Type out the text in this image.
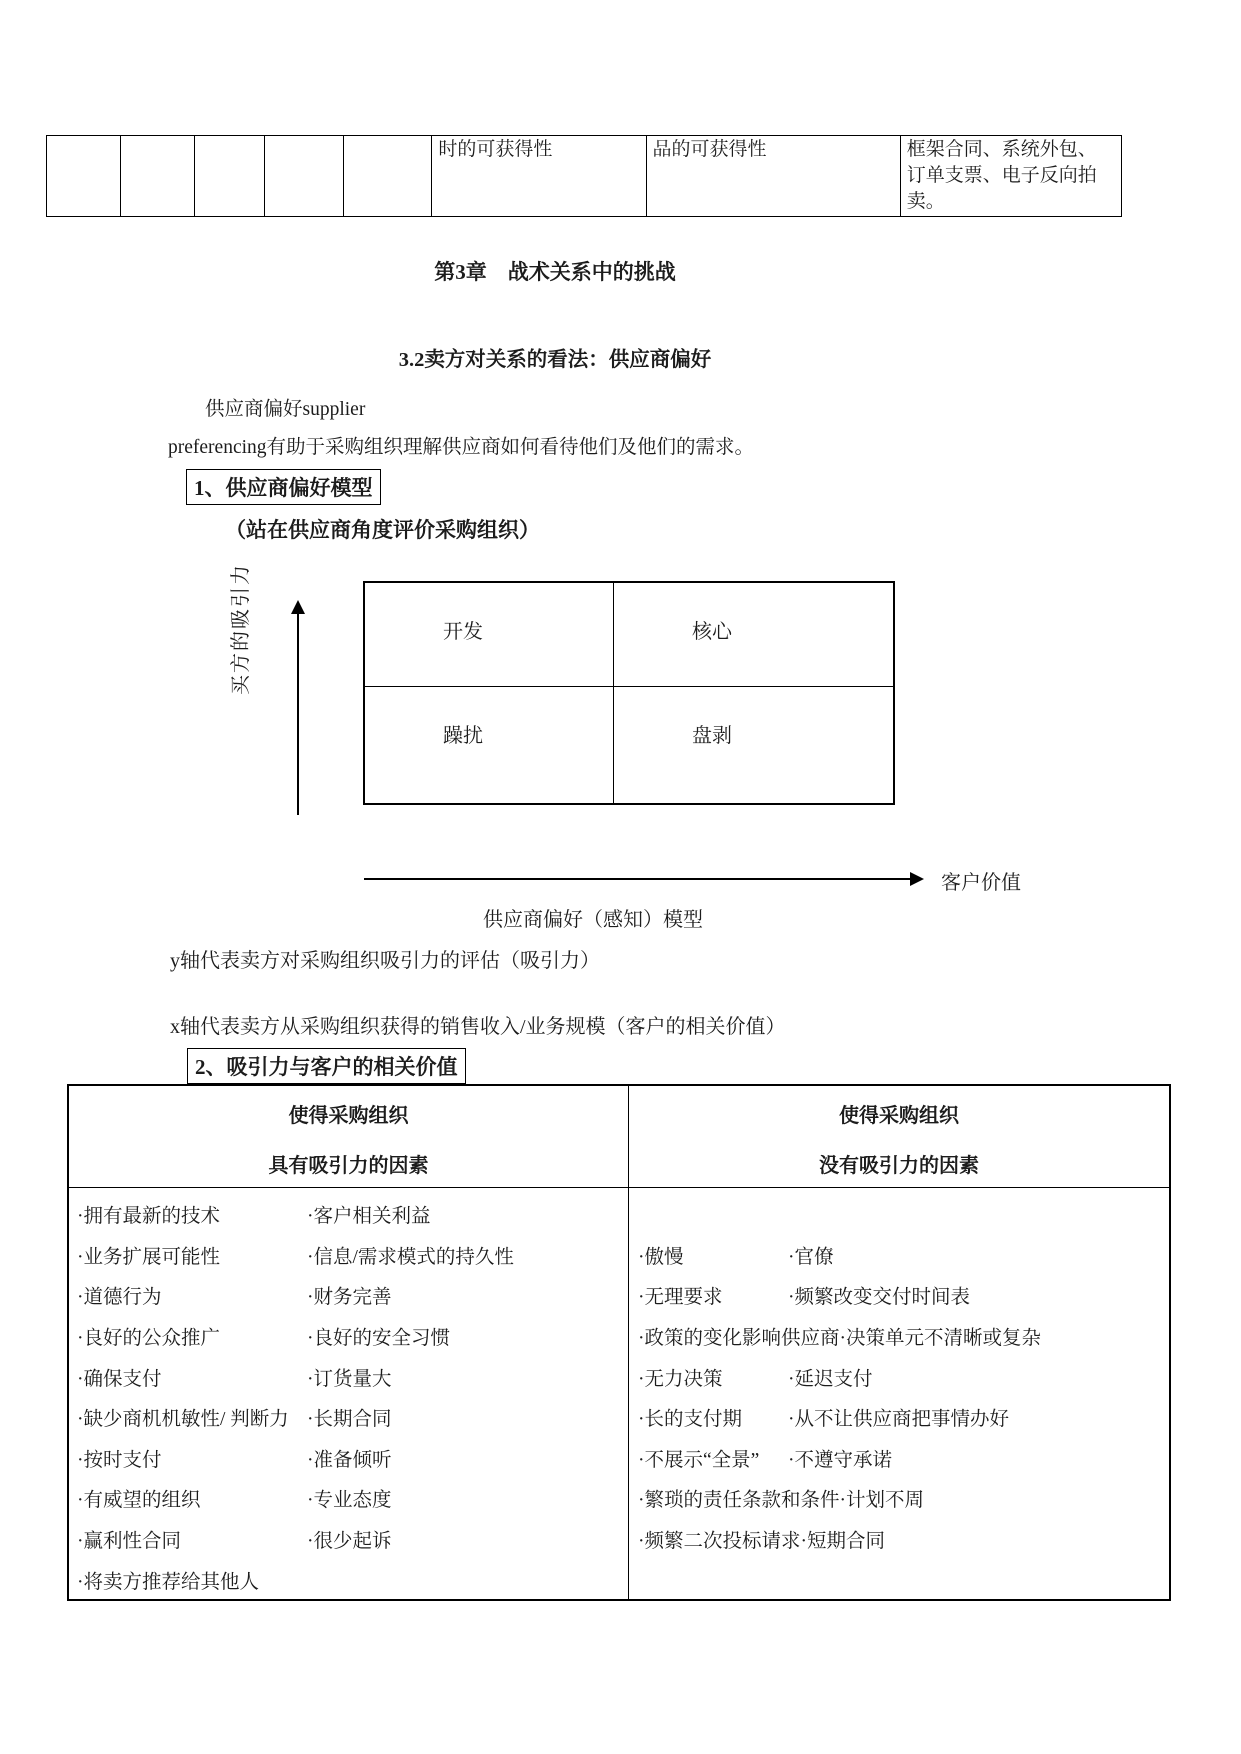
					时的可获得性	品的可获得性	框架合同、系统外包、订单支票、电子反向拍卖。
第3章　战术关系中的挑战
3.2卖方对关系的看法：供应商偏好
供应商偏好supplier
preferencing有助于采购组织理解供应商如何看待他们及他们的需求。
1、供应商偏好模型
（站在供应商角度评价采购组织）
开发	核心
躁扰	盘剥
买方的吸引力
客户价值
供应商偏好（感知）模型
y轴代表卖方对采购组织吸引力的评估（吸引力）
x轴代表卖方从采购组织获得的销售收入/业务规模（客户的相关价值）
2、吸引力与客户的相关价值
使得采购组织
具有吸引力的因素
·拥有最新的技术	·客户相关利益
·业务扩展可能性	·信息/需求模式的持久性
·道德行为	·财务完善
·良好的公众推广	·良好的安全习惯
·确保支付	·订货量大
·缺少商机机敏性/ 判断力 ·长期合同
·按时支付	·准备倾听
·有威望的组织	·专业态度
·赢利性合同	·很少起诉
·将卖方推荐给其他人
使得采购组织
没有吸引力的因素
·傲慢	·官僚
·无理要求	·频繁改变交付时间表
·政策的变化影响供应商 ·决策单元不清晰或复杂
·无力决策	·延迟支付
·长的支付期	·从不让供应商把事情办好
·不展示“全景”	·不遵守承诺
·繁琐的责任条款和条件 ·计划不周
·频繁二次投标请求 ·短期合同
